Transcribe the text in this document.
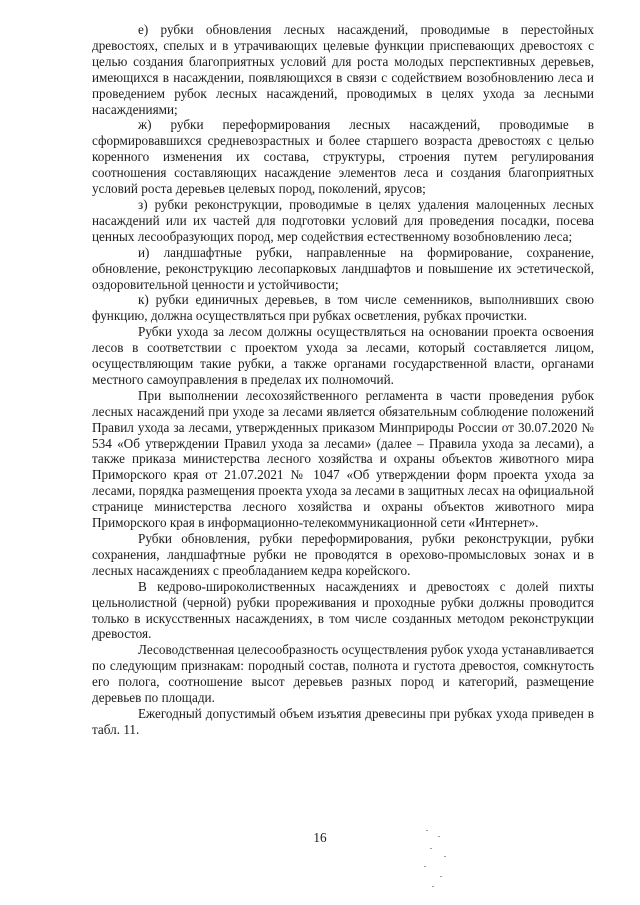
е) рубки обновления лесных насаждений, проводимые в перестойных древостоях, спелых и в утрачивающих целевые функции приспевающих древостоях с целью создания благоприятных условий для роста молодых перспективных деревьев, имеющихся в насаждении, появляющихся в связи с содействием возобновлению леса и проведением рубок лесных насаждений, проводимых в целях ухода за лесными насаждениями;

ж) рубки переформирования лесных насаждений, проводимые в сформировавшихся средневозрастных и более старшего возраста древостоях с целью коренного изменения их состава, структуры, строения путем регулирования соотношения составляющих насаждение элементов леса и создания благоприятных условий роста деревьев целевых пород, поколений, ярусов;

з) рубки реконструкции, проводимые в целях удаления малоценных лесных насаждений или их частей для подготовки условий для проведения посадки, посева ценных лесообразующих пород, мер содействия естественному возобновлению леса;

и) ландшафтные рубки, направленные на формирование, сохранение, обновление, реконструкцию лесопарковых ландшафтов и повышение их эстетической, оздоровительной ценности и устойчивости;

к) рубки единичных деревьев, в том числе семенников, выполнивших свою функцию, должна осуществляться при рубках осветления, рубках прочистки.

Рубки ухода за лесом должны осуществляться на основании проекта освоения лесов в соответствии с проектом ухода за лесами, который составляется лицом, осуществляющим такие рубки, а также органами государственной власти, органами местного самоуправления в пределах их полномочий.

При выполнении лесохозяйственного регламента в части проведения рубок лесных насаждений при уходе за лесами является обязательным соблюдение положений Правил ухода за лесами, утвержденных приказом Минприроды России от 30.07.2020 № 534 «Об утверждении Правил ухода за лесами» (далее – Правила ухода за лесами), а также приказа министерства лесного хозяйства и охраны объектов животного мира Приморского края от 21.07.2021 № 1047 «Об утверждении форм проекта ухода за лесами, порядка размещения проекта ухода за лесами в защитных лесах на официальной странице министерства лесного хозяйства и охраны объектов животного мира Приморского края в информационно-телекоммуникационной сети «Интернет».

Рубки обновления, рубки переформирования, рубки реконструкции, рубки сохранения, ландшафтные рубки не проводятся в орехово-промысловых зонах и в лесных насаждениях с преобладанием кедра корейского.

В кедрово-широколиственных насаждениях и древостоях с долей пихты цельнолистной (черной) рубки прореживания и проходные рубки должны проводится только в искусственных насаждениях, в том числе созданных методом реконструкции древостоя.

Лесоводственная целесообразность осуществления рубок ухода устанавливается по следующим признакам: породный состав, полнота и густота древостоя, сомкнутость его полога, соотношение высот деревьев разных пород и категорий, размещение деревьев по площади.

Ежегодный допустимый объем изъятия древесины при рубках ухода приведен в табл. 11.

16
